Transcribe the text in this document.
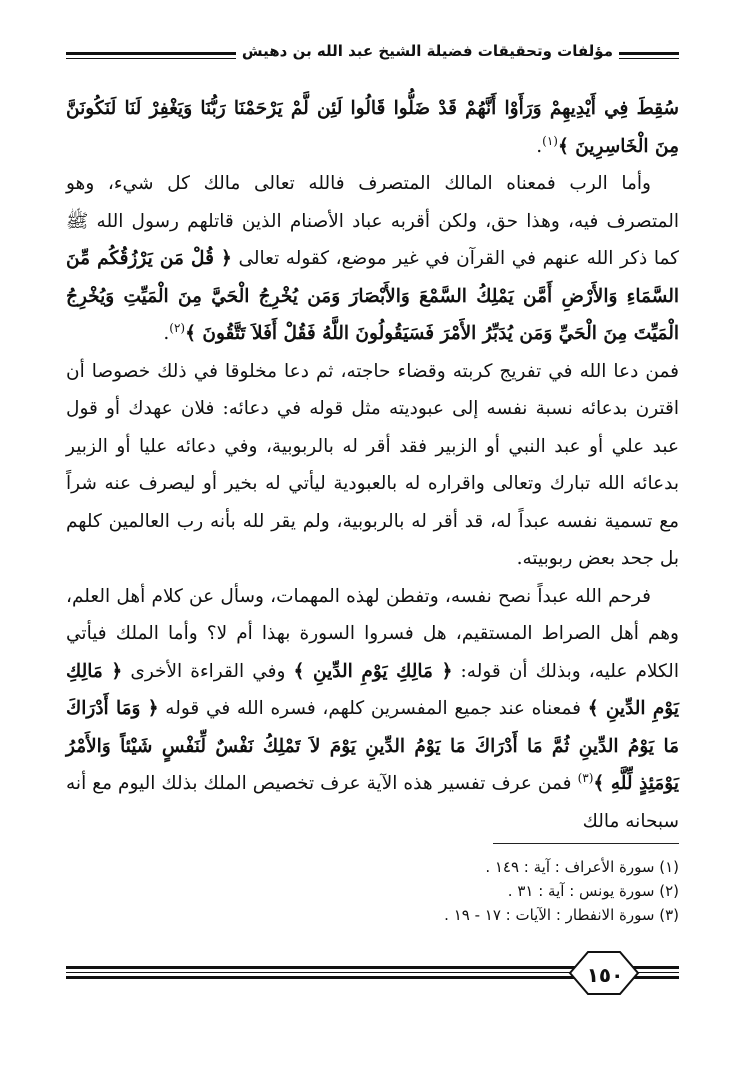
مؤلفات وتحقيقات فضيلة الشيخ عبد الله بن دهيش

سُقِطَ فِي أَيْدِيهِمْ وَرَأَوْا أَنَّهُمْ قَدْ ضَلُّوا قَالُوا لَئِن لَّمْ يَرْحَمْنَا رَبُّنَا وَيَغْفِرْ لَنَا لَنَكُونَنَّ مِنَ الْخَاسِرِينَ ﴾$^{(١)}$.

وأما الرب فمعناه المالك المتصرف فالله تعالى مالك كل شيء، وهو المتصرف فيه، وهذا حق، ولكن أقربه عباد الأصنام الذين قاتلهم رسول الله ﷺ كما ذكر الله عنهم في القرآن في غير موضع، كقوله تعالى ﴿ قُلْ مَن يَرْزُقُكُم مِّنَ السَّمَاءِ وَالأَرْضِ أَمَّن يَمْلِكُ السَّمْعَ وَالأَبْصَارَ وَمَن يُخْرِجُ الْحَيَّ مِنَ الْمَيِّتِ وَيُخْرِجُ الْمَيِّتَ مِنَ الْحَيِّ وَمَن يُدَبِّرُ الأَمْرَ فَسَيَقُولُونَ اللَّهُ فَقُلْ أَفَلاَ تَتَّقُونَ ﴾$^{(٢)}$.

فمن دعا الله في تفريج كربته وقضاء حاجته، ثم دعا مخلوقا في ذلك خصوصا أن اقترن بدعائه نسبة نفسه إلى عبوديته مثل قوله في دعائه: فلان عهدك أو قول عبد علي أو عبد النبي أو الزبير فقد أقر له بالربوبية، وفي دعائه عليا أو الزبير بدعائه الله تبارك وتعالى واقراره له بالعبودية ليأتي له بخير أو ليصرف عنه شراً مع تسمية نفسه عبداً له، قد أقر له بالربوبية، ولم يقر لله بأنه رب العالمين كلهم بل جحد بعض ربوبيته.

فرحم الله عبداً نصح نفسه، وتفطن لهذه المهمات، وسأل عن كلام أهل العلم، وهم أهل الصراط المستقيم، هل فسروا السورة بهذا أم لا؟ وأما الملك فيأتي الكلام عليه، وبذلك أن قوله: ﴿ مَالِكِ يَوْمِ الدِّينِ ﴾ وفي القراءة الأخرى ﴿ مَالِكِ يَوْمِ الدِّينِ ﴾ فمعناه عند جميع المفسرين كلهم، فسره الله في قوله ﴿ وَمَا أَدْرَاكَ مَا يَوْمُ الدِّينِ ثُمَّ مَا أَدْرَاكَ مَا يَوْمُ الدِّينِ يَوْمَ لاَ تَمْلِكُ نَفْسٌ لِّنَفْسٍ شَيْئاً وَالأَمْرُ يَوْمَئِذٍ لِّلَّهِ ﴾$^{(٣)}$ فمن عرف تفسير هذه الآية عرف تخصيص الملك بذلك اليوم مع أنه سبحانه مالك

(١) سورة الأعراف : آية : ١٤٩ .
(٢) سورة يونس : آية : ٣١ .
(٣) سورة الانفطار : الآيات : ١٧ - ١٩ .
١٥٠
